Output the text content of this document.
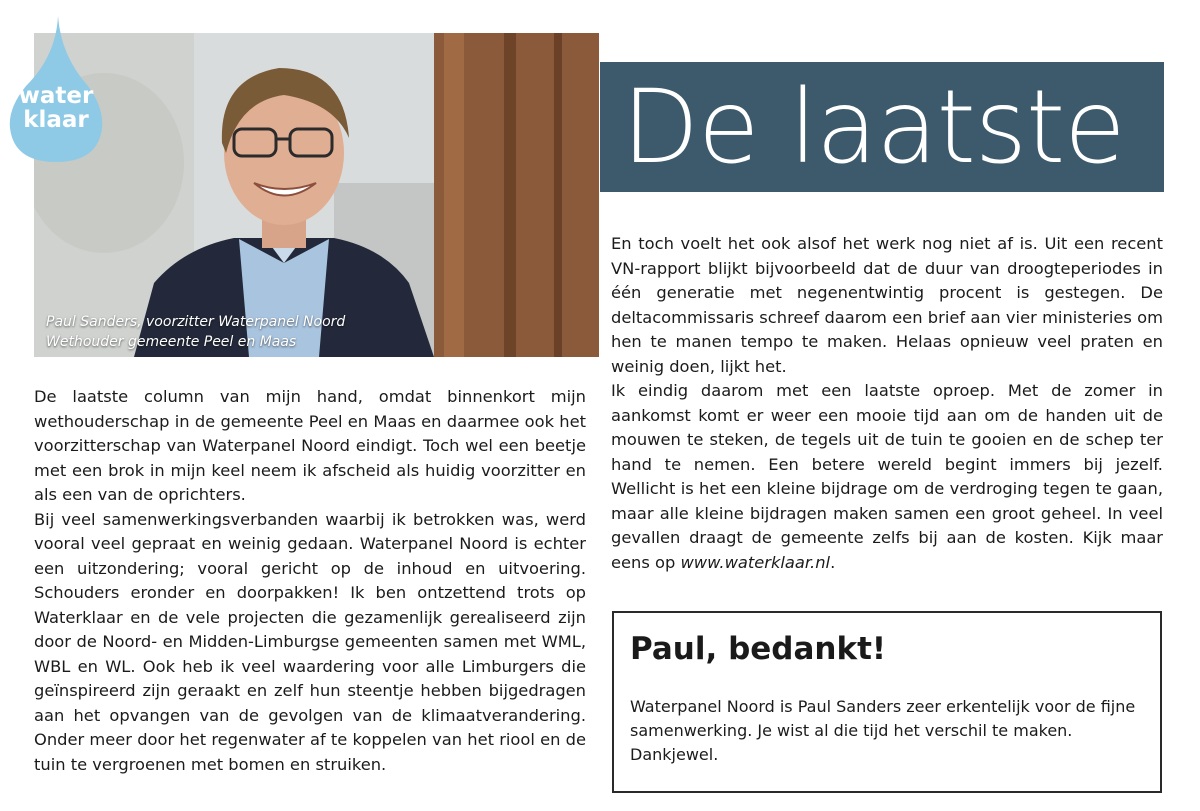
Paul Sanders, voorzitter Waterpanel Noord
Wethouder gemeente Peel en Maas
water
klaar	De laatste

De laatste column van mijn hand, omdat binnenkort mijn wethouderschap in de gemeente Peel en Maas en daarmee ook het voorzitterschap van Waterpanel Noord eindigt. Toch wel een beetje met een brok in mijn keel neem ik afscheid als huidig voorzitter en als een van de oprichters.

Bij veel samenwerkingsverbanden waarbij ik betrokken was, werd vooral veel gepraat en weinig gedaan. Waterpanel Noord is echter een uitzondering; vooral gericht op de inhoud en uitvoering. Schouders eronder en doorpakken! Ik ben ontzettend trots op Waterklaar en de vele projecten die gezamenlijk gerealiseerd zijn door de Noord- en Midden-Limburgse gemeenten samen met WML, WBL en WL. Ook heb ik veel waardering voor alle Limburgers die geïnspireerd zijn geraakt en zelf hun steentje hebben bijgedragen aan het opvangen van de gevolgen van de klimaatverandering. Onder meer door het regenwater af te koppelen van het riool en de tuin te vergroenen met bomen en struiken.

En toch voelt het ook alsof het werk nog niet af is. Uit een recent VN-rapport blijkt bijvoorbeeld dat de duur van droogteperiodes in één generatie met negenentwintig procent is gestegen. De deltacommissaris schreef daarom een brief aan vier ministeries om hen te manen tempo te maken. Helaas opnieuw veel praten en weinig doen, lijkt het.

Ik eindig daarom met een laatste oproep. Met de zomer in aankomst komt er weer een mooie tijd aan om de handen uit de mouwen te steken, de tegels uit de tuin te gooien en de schep ter hand te nemen. Een betere wereld begint immers bij jezelf. Wellicht is het een kleine bijdrage om de verdroging tegen te gaan, maar alle kleine bijdragen maken samen een groot geheel. In veel gevallen draagt de gemeente zelfs bij aan de kosten. Kijk maar eens op www.waterklaar.nl.

Paul, bedankt!
Waterpanel Noord is Paul Sanders zeer erkentelijk voor de fijne samenwerking. Je wist al die tijd het verschil te maken. Dankjewel.
